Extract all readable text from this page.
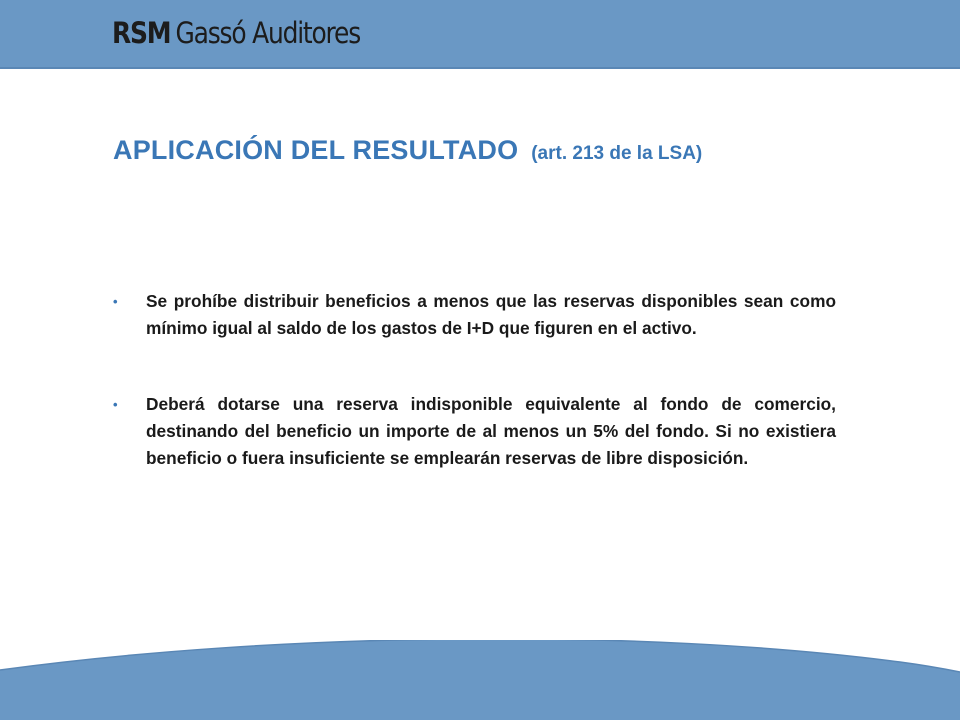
RSM Gassó Auditores
APLICACIÓN DEL RESULTADO (art. 213 de la LSA)
• Se prohíbe distribuir beneficios a menos que las reservas disponibles sean como mínimo igual al saldo de los gastos de I+D que figuren en el activo.
• Deberá dotarse una reserva indisponible equivalente al fondo de comercio, destinando del beneficio un importe de al menos un 5% del fondo. Si no existiera beneficio o fuera insuficiente se emplearán reservas de libre disposición.
